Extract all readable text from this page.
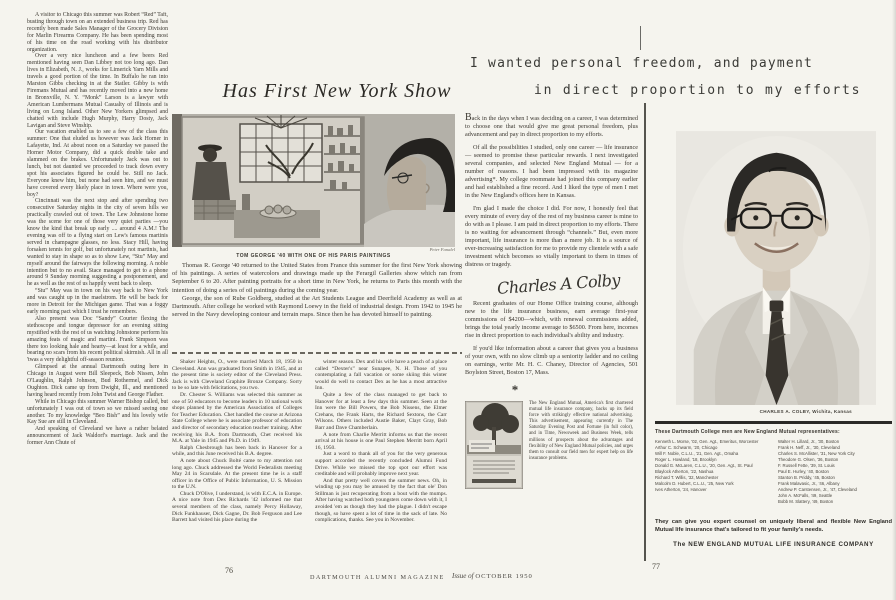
A visitor to Chicago this summer was Robert “Red” Taft, busting through town on an extended business trip. Red has recently been made Sales Manager of the Grocery Division for Marlin Firearms Company. He has been spending most of his time on the road working with his distributor organization.
Over a very nice luncheon and a few beers Red mentioned having seen Dan Libbey not too long ago. Dan lives in Elizabeth, N. J., works for Limerick Yarn Mills and travels a good portion of the time. In Buffalo he ran into Marston Gibbs checking in at the Statler. Gibby is with Firemans Mutual and has recently moved into a new home in Bronxville, N. Y. “Monk” Larson is a lawyer with American Lumbermans Mutual Casualty of Illinois and is living on Long Island. Other New Yorkers glimpsed and chatted with include Hugh Murphy, Harry Dosty, Jack Lavigan and Steve Winship.
Our vacation enabled us to see a few of the class this summer: One that eluded us however was Jack Horner in Lafayette, Ind. At about noon on a Saturday we passed the Horner Motor Company, did a quick double take and slammed on the brakes. Unfortunately Jack was out to lunch, but not daunted we proceeded to track down every spot his associates figured he could be. Still no Jack. Everyone knew him, but none had seen him, and we must have covered every likely place in town. Where were you, boy?
Cincinnati was the next stop and after spending two consecutive Saturday nights in the city of seven hills we practically crawled out of town. The Lew Johnstone home was the scene for one of those very quiet parties —you know the kind that break up early .... around 4 A.M.! The evening was off to a flying start on Lew's famous martinis served in champagne glasses, no less. Stacy Hill, having forsaken tennis for golf, but unfortunately not martinis, had wanted to stay in shape so as to show Lew, “Stu” May and myself around the fairways the following morning. A noble intention but to no avail. Stace managed to get to a phone around 9 Sunday morning suggesting a postponement, and he as well as the rest of us happily went back to sleep.
“Stu” May was in town on his way back to New York and was caught up in the maelstrom. He will be back for more in Detroit for the Michigan game. That was a foggy early morning pact which I trust he remembers.
Also present was Doc “Sandy” Courter flexing the stethoscope and tongue depressor for an evening sitting mystified with the rest of us watching Johnstone perform his amazing feats of magic and martini. Frank Simpson was there too looking hale and hearty—at least for a while, and bearing no scars from his recent political skirmish. All in all 'twas a very delightful off-season reunion.
Glimpsed at the annual Dartmouth outing here in Chicago in August were Bill Sleepeck, Bob Nissen, John O'Laughlin, Ralph Johnson, Bud Rothermel, and Dick Oughton. Dick came up from Dwight, Ill., and mentioned having heard recently from John Twist and George Flather.
While in Chicago this summer Warner Bishop called, but unfortunately I was out of town so we missed seeing one another. To my knowledge “Beo Bish” and his lovely wife Kay Sue are still in Cleveland.
And speaking of Cleveland we have a rather belated announcement of Jack Waldorf's marriage. Jack and the former Ann Chute of
Has First New York Show
Peter Fanalel
TOM GEORGE '40 WITH ONE OF HIS PARIS PAINTINGS
Thomas R. George '40 returned to the United States from France this summer for the first New York showing of his paintings. A series of watercolors and drawings made up the Ferargil Galleries show which ran from September 6 to 20. After painting portraits for a short time in New York, he returns to Paris this month with the intention of doing a series of oil paintings during the coming year.
George, the son of Rube Goldberg, studied at the Art Students League and Deerfield Academy as well as at Dartmouth. After college he worked with Raymond Loewy in the field of industrial design. From 1942 to 1945 he served in the Navy developing contour and terrain maps. Since then he has devoted himself to painting.
Shaker Heights, O., were married March 18, 1950 in Cleveland. Ann was graduated from Smith in 1945, and at the present time is society editor of the Cleveland Press. Jack is with Cleveland Graphite Bronze Company. Sorry to be so late with felicitations, you two.
Dr. Chester S. Williams was selected this summer as one of 50 educators to become leaders in 10 national work shops planned by the American Association of Colleges for Teacher Education. Chet handled the course at Arizona State College where he is associate professor of education and director of secondary education teacher training. After receiving his B.A. from Dartmouth, Chet received his M.A. at Yale in 1945 and Ph.D. in 1949.
Ralph Chesbrough has been back in Hanover for a while, and this June received his B.A. degree.
A note about Chuck Bolté came to my attention not long ago. Chuck addressed the World Federalists meeting May 24 in Scarsdale. At the present time he is a staff officer in the Office of Public Information, U. S. Mission to the U.N.
Chuck D'Olive, I understand, is with E.C.A. in Europe. A nice note from Dex Richards '42 informed me that several members of the class, namely Percy Hollaway, Dick Funkhauser, Dick Gagne, Dr. Bob Ferguson and Lee Barrett had visited his place during the
winter season. Dex and his wife have a peach of a place called “Dexter's” near Sunapee, N. H. Those of you contemplating a fall vacation or some skiing this winter would do well to contact Dex as he has a most attractive Inn.
Quite a few of the class managed to get back to Hanover for at least a few days this summer. Seen at the Inn were the Bill Powers, the Bob Nissens, the Elmer Crehans, the Frank Harts, the Richard Sextons, the Carr Wilsons. Others included Austie Baker, Clayt Gray, Bob Barr and Dave Chamberlain.
A note from Charlie Merritt informs us that the recent arrival at his house is one Paul Stephen Merritt born April 16, 1950.
Just a word to thank all of you for the very generous support accorded the recently concluded Alumni Fund Drive. While we missed the top spot our effort was creditable and will probably improve next year.
And that pretty well covers the summer news. Oh, in winding up you may be amused by the fact that ole' Don Stillman is just recuperating from a bout with the mumps. After having watched both youngsters come down with it, I avoided 'em as though they had the plague. I didn't escape though, so have spent a lot of time in the sack of late. No complications, thanks. See you in November.
76
DARTMOUTH ALUMNI MAGAZINE Issue of OCTOBER 1950
I wanted personal freedom, and payment
in direct proportion to my efforts
Back in the days when I was deciding on a career, I was determined to choose one that would give me great personal freedom, plus advancement and pay in direct proportion to my efforts.
Of all the possibilities I studied, only one career — life insurance — seemed to promise these particular rewards. I next investigated several companies, and selected New England Mutual — for a number of reasons. I had been impressed with its magazine advertising*. My college roommate had joined this company earlier and had established a fine record. And I liked the type of men I met in the New England's offices here in Kansas.
I'm glad I made the choice I did. For now, I honestly feel that every minute of every day of the rest of my business career is mine to do with as I please. I am paid in direct proportion to my efforts. There is no waiting for advancement through “channels.” But, even more important, life insurance is more than a mere job. It is a source of ever-increasing satisfaction for me to provide my clientele with a safe investment which becomes so vitally important to them in times of distress or tragedy.
Charles A Colby
Recent graduates of our Home Office training course, although new to the life insurance business, earn average first-year commissions of $4200—which, with renewal commissions added, brings the total yearly income average to $6500. From here, incomes rise in direct proportion to each individual's ability and industry.
If you'd like information about a career that gives you a business of your own, with no slow climb up a seniority ladder and no ceiling on earnings, write Mr. H. C. Chaney, Director of Agencies, 501 Boylston Street, Boston 17, Mass.
*
The New England Mutual, America's first chartered mutual life insurance company, backs up its field force with strikingly effective national advertising. This advertisement, appearing currently in The Saturday Evening Post and Fortune (in full color), and in Time, Newsweek and Business Week, tells millions of prospects about the advantages and flexibility of New England Mutual policies, and urges them to consult our field men for expert help on life insurance problems.
CHARLES A. COLBY, Wichita, Kansas
These Dartmouth College men are New England Mutual representatives:
Kenneth L. Morse, '02, Gen. Agt., Emeritus, Worcester
Arthur C. Schwarm, '20, Chicago
Will F. Noble, C.L.U., '21, Gen. Agt., Omaha
Roger L. Howland, '18, Brooklyn
Donald G. McLaren, C.L.U., '20, Gen. Agt., St. Paul
Blaylock Atherton, '22, Nashua
Richard T. Willis, '32, Manchester
Malcolm D. Hubert, C.L.U., '25, New York
Ives Atherton, '24, Hanover
Walter H. Lillard, Jr., '30, Boston
Frank H. Neff, Jr., '30, Cleveland
Charles S. McAllister, '31, New York City
Theodore G. Olsen, '36, Boston
F. Russell Fette, '39, St. Louis
Paul E. Hurley, '40, Boston
Stanton B. Priddy, '45, Boston
Frank Malavasic, Jr., '46, Albany
Andrew P. Carstensen, Jr., '47, Cleveland
John A. McFalls, '49, Seattle
Bobb M. Slattery, '49, Boston
They can give you expert counsel on uniquely liberal and flexible New England Mutual life insurance that's tailored to fit your family's needs.
The NEW ENGLAND MUTUAL LIFE INSURANCE COMPANY
77
